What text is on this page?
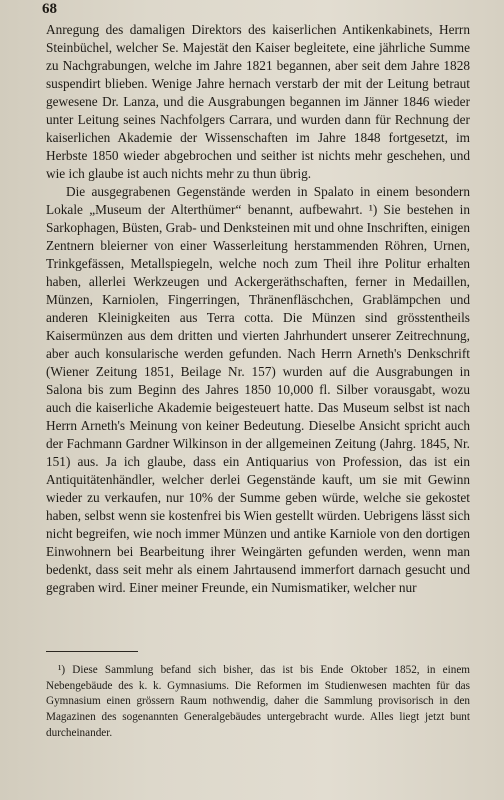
68

Anregung des damaligen Direktors des kaiserlichen Antikenkabinets, Herrn Steinbüchel, welcher Se. Majestät den Kaiser begleitete, eine jährliche Summe zu Nachgrabungen, welche im Jahre 1821 begannen, aber seit dem Jahre 1828 suspendirt blieben. Wenige Jahre hernach verstarb der mit der Leitung betraut gewesene Dr. Lanza, und die Ausgrabungen begannen im Jänner 1846 wieder unter Leitung seines Nachfolgers Carrara, und wurden dann für Rechnung der kaiserlichen Akademie der Wissenschaften im Jahre 1848 fortgesetzt, im Herbste 1850 wieder abgebrochen und seither ist nichts mehr geschehen, und wie ich glaube ist auch nichts mehr zu thun übrig.

Die ausgegrabenen Gegenstände werden in Spalato in einem besondern Lokale „Museum der Alterthümer“ benannt, aufbewahrt. ¹) Sie bestehen in Sarkophagen, Büsten, Grab- und Denksteinen mit und ohne Inschriften, einigen Zentnern bleierner von einer Wasserleitung herstammenden Röhren, Urnen, Trinkgefässen, Metallspiegeln, welche noch zum Theil ihre Politur erhalten haben, allerlei Werkzeugen und Ackergeräthschaften, ferner in Medaillen, Münzen, Karniolen, Fingerringen, Thränenfläschchen, Grablämpchen und anderen Kleinigkeiten aus Terra cotta. Die Münzen sind grösstentheils Kaisermünzen aus dem dritten und vierten Jahrhundert unserer Zeitrechnung, aber auch konsularische werden gefunden. Nach Herrn Arneth's Denkschrift (Wiener Zeitung 1851, Beilage Nr. 157) wurden auf die Ausgrabungen in Salona bis zum Beginn des Jahres 1850 10,000 fl. Silber vorausgabt, wozu auch die kaiserliche Akademie beigesteuert hatte. Das Museum selbst ist nach Herrn Arneth's Meinung von keiner Bedeutung. Dieselbe Ansicht spricht auch der Fachmann Gardner Wilkinson in der allgemeinen Zeitung (Jahrg. 1845, Nr. 151) aus. Ja ich glaube, dass ein Antiquarius von Profession, das ist ein Antiquitätenhändler, welcher derlei Gegenstände kauft, um sie mit Gewinn wieder zu verkaufen, nur 10% der Summe geben würde, welche sie gekostet haben, selbst wenn sie kostenfrei bis Wien gestellt würden. Uebrigens lässt sich nicht begreifen, wie noch immer Münzen und antike Karniole von den dortigen Einwohnern bei Bearbeitung ihrer Weingärten gefunden werden, wenn man bedenkt, dass seit mehr als einem Jahrtausend immerfort darnach gesucht und gegraben wird. Einer meiner Freunde, ein Numismatiker, welcher nur

¹) Diese Sammlung befand sich bisher, das ist bis Ende Oktober 1852, in einem Nebengebäude des k. k. Gymnasiums. Die Reformen im Studienwesen machten für das Gymnasium einen grössern Raum nothwendig, daher die Sammlung provisorisch in den Magazinen des sogenannten Generalgebäudes untergebracht wurde. Alles liegt jetzt bunt durcheinander.
